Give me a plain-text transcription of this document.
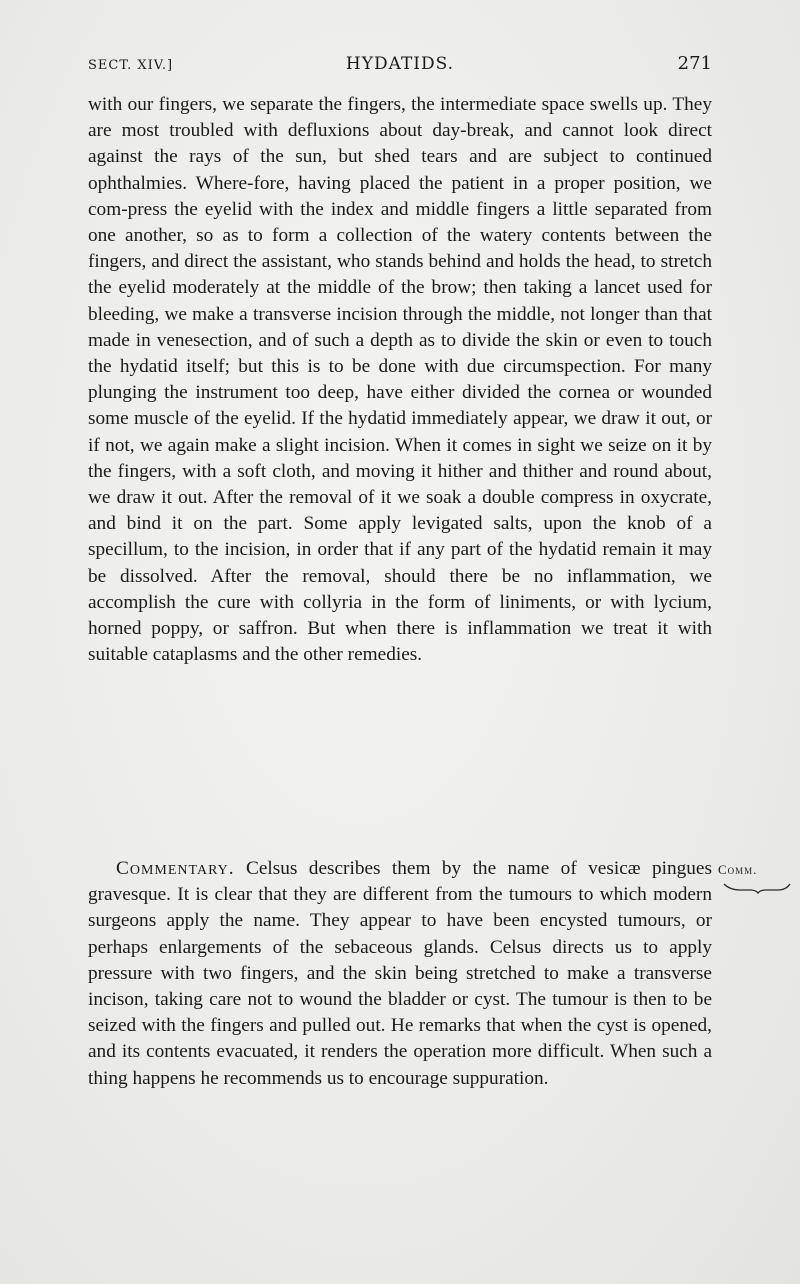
SECT. XIV.]	HYDATIDS.	271

with our fingers, we separate the fingers, the intermediate space swells up. They are most troubled with defluxions about day-break, and cannot look direct against the rays of the sun, but shed tears and are subject to continued ophthalmies. Where-fore, having placed the patient in a proper position, we com-press the eyelid with the index and middle fingers a little separated from one another, so as to form a collection of the watery contents between the fingers, and direct the assistant, who stands behind and holds the head, to stretch the eyelid moderately at the middle of the brow; then taking a lancet used for bleeding, we make a transverse incision through the middle, not longer than that made in venesection, and of such a depth as to divide the skin or even to touch the hydatid itself; but this is to be done with due circumspection. For many plunging the instrument too deep, have either divided the cornea or wounded some muscle of the eyelid. If the hydatid immediately appear, we draw it out, or if not, we again make a slight incision. When it comes in sight we seize on it by the fingers, with a soft cloth, and moving it hither and thither and round about, we draw it out. After the removal of it we soak a double compress in oxycrate, and bind it on the part. Some apply levigated salts, upon the knob of a specillum, to the incision, in order that if any part of the hydatid remain it may be dissolved. After the removal, should there be no inflammation, we accomplish the cure with collyria in the form of liniments, or with lycium, horned poppy, or saffron. But when there is inflammation we treat it with suitable cataplasms and the other remedies.

Commentary. Celsus describes them by the name of vesicæ pingues gravesque. It is clear that they are different from the tumours to which modern surgeons apply the name. They appear to have been encysted tumours, or perhaps enlargements of the sebaceous glands. Celsus directs us to apply pressure with two fingers, and the skin being stretched to make a transverse incison, taking care not to wound the bladder or cyst. The tumour is then to be seized with the fingers and pulled out. He remarks that when the cyst is opened, and its contents evacuated, it renders the operation more difficult. When such a thing happens he recommends us to encourage suppuration.

Comm.
